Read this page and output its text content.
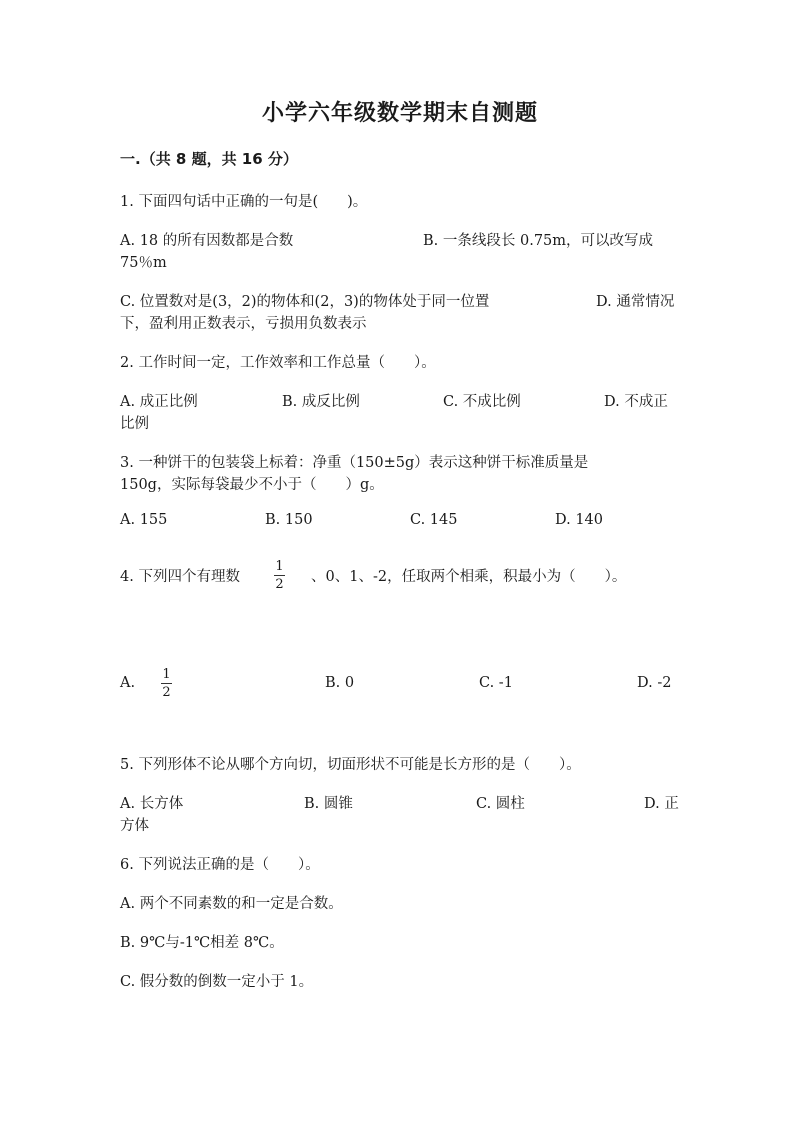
小学六年级数学期末自测题
一.（共 8 题，共 16 分）
1. 下面四句话中正确的一句是(　　)。
A. 18 的所有因数都是合数	B. 一条线段长 0.75m，可以改写成
75％m
C. 位置数对是(3，2)的物体和(2，3)的物体处于同一位置	D. 通常情况
下，盈利用正数表示，亏损用负数表示
2. 工作时间一定，工作效率和工作总量（　　）。
A. 成正比例	B. 成反比例	C. 不成比例	D. 不成正
比例
3. 一种饼干的包装袋上标着：净重（150±5g）表示这种饼干标准质量是
150g，实际每袋最少不小于（　　）g。
A. 155	B. 150	C. 145	D. 140
4. 下列四个有理数
1
2 、0、1、-2，任取两个相乘，积最小为（　　）。
A.
1
2
B. 0	C. -1	D. -2
5. 下列形体不论从哪个方向切，切面形状不可能是长方形的是（　　）。
A. 长方体	B. 圆锥	C. 圆柱	D. 正
方体
6. 下列说法正确的是（　　）。
A. 两个不同素数的和一定是合数。
B. 9℃与-1℃相差 8℃。
C. 假分数的倒数一定小于 1。
